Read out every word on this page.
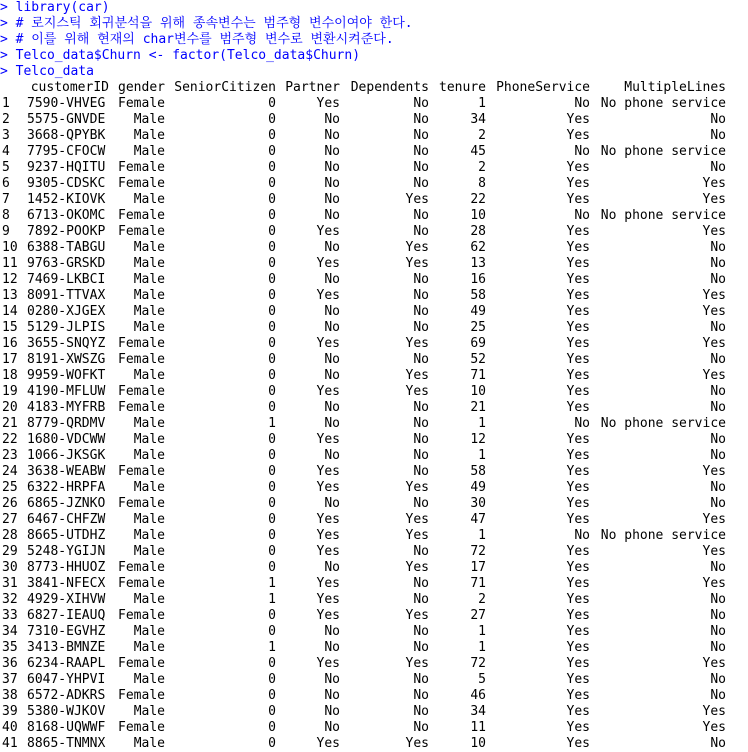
> library(car)
> # 로지스틱 회귀분석을 위해 종속변수는 범주형 변수이여야 한다.
> # 이를 위해 현재의 char변수를 범주형 변수로 변환시켜준다.
> Telco_data$Churn <- factor(Telco_data$Churn)
> Telco_data
customerID gender SeniorCitizen Partner Dependents tenure PhoneService	MultipleLines
1	7590-VHVEG Female	0	Yes	No	1	No No phone service
2	5575-GNVDE	Male	0	No	No	34	Yes	No
3	3668-QPYBK	Male	0	No	No	2	Yes	No
4	7795-CFOCW	Male	0	No	No	45	No No phone service
5	9237-HQITU Female	0	No	No	2	Yes	No
6	9305-CDSKC Female	0	No	No	8	Yes	Yes
7	1452-KIOVK	Male	0	No	Yes	22	Yes	Yes
8	6713-OKOMC Female	0	No	No	10	No No phone service
9	7892-POOKP Female	0	Yes	No	28	Yes	Yes
10 6388-TABGU	Male	0	No	Yes	62	Yes	No
11 9763-GRSKD	Male	0	Yes	Yes	13	Yes	No
12 7469-LKBCI	Male	0	No	No	16	Yes	No
13 8091-TTVAX	Male	0	Yes	No	58	Yes	Yes
14 0280-XJGEX	Male	0	No	No	49	Yes	Yes
15 5129-JLPIS	Male	0	No	No	25	Yes	No
16 3655-SNQYZ Female	0	Yes	Yes	69	Yes	Yes
17 8191-XWSZG Female	0	No	No	52	Yes	No
18 9959-WOFKT	Male	0	No	Yes	71	Yes	Yes
19 4190-MFLUW Female	0	Yes	Yes	10	Yes	No
20 4183-MYFRB Female	0	No	No	21	Yes	No
21 8779-QRDMV	Male	1	No	No	1	No No phone service
22 1680-VDCWW	Male	0	Yes	No	12	Yes	No
23 1066-JKSGK	Male	0	No	No	1	Yes	No
24 3638-WEABW Female	0	Yes	No	58	Yes	Yes
25 6322-HRPFA	Male	0	Yes	Yes	49	Yes	No
26 6865-JZNKO Female	0	No	No	30	Yes	No
27 6467-CHFZW	Male	0	Yes	Yes	47	Yes	Yes
28 8665-UTDHZ	Male	0	Yes	Yes	1	No No phone service
29 5248-YGIJN	Male	0	Yes	No	72	Yes	Yes
30 8773-HHUOZ Female	0	No	Yes	17	Yes	No
31 3841-NFECX Female	1	Yes	No	71	Yes	Yes
32 4929-XIHVW	Male	1	Yes	No	2	Yes	No
33 6827-IEAUQ Female	0	Yes	Yes	27	Yes	No
34 7310-EGVHZ	Male	0	No	No	1	Yes	No
35 3413-BMNZE	Male	1	No	No	1	Yes	No
36 6234-RAAPL Female	0	Yes	Yes	72	Yes	Yes
37 6047-YHPVI	Male	0	No	No	5	Yes	No
38 6572-ADKRS Female	0	No	No	46	Yes	No
39 5380-WJKOV	Male	0	No	No	34	Yes	Yes
40 8168-UQWWF Female	0	No	No	11	Yes	Yes
41 8865-TNMNX	Male	0	Yes	Yes	10	Yes	No
